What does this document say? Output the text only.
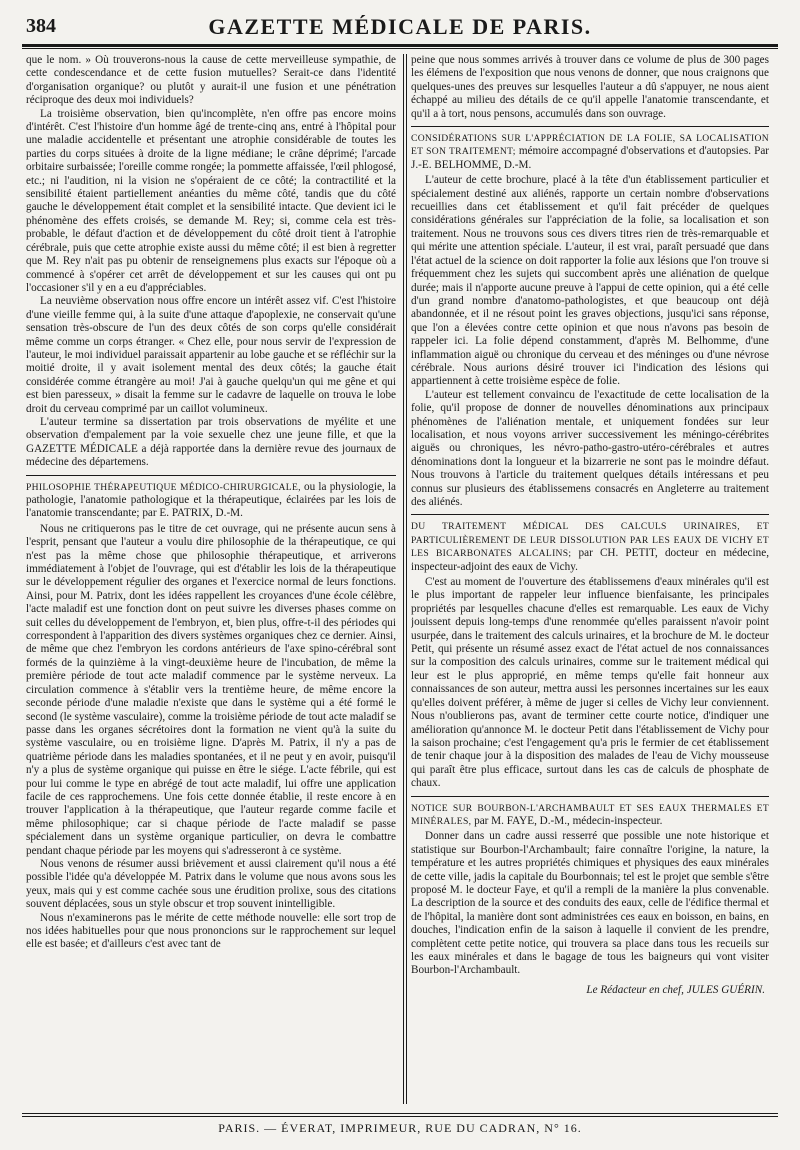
384	GAZETTE MÉDICALE DE PARIS.

que le nom. » Où trouverons-nous la cause de cette merveilleuse sympathie, de cette condescendance et de cette fusion mutuelles? Serait-ce dans l'identité d'organisation organique? ou plutôt y aurait-il une fusion et une pénétration réciproque des deux moi individuels?

La troisième observation, bien qu'incomplète, n'en offre pas encore moins d'intérêt. C'est l'histoire d'un homme âgé de trente-cinq ans, entré à l'hôpital pour une maladie accidentelle et présentant une atrophie considérable de toutes les parties du corps situées à droite de la ligne médiane; le crâne déprimé; l'arcade orbitaire surbaissée; l'oreille comme rongée; la pommette affaissée, l'œil phlogosé, etc.; ni l'audition, ni la vision ne s'opéraient de ce côté; la contractilité et la sensibilité étaient partiellement anéanties du même côté, tandis que du côté gauche le développement était complet et la sensibilité intacte. Que devient ici le phénomène des effets croisés, se demande M. Rey; si, comme cela est très-probable, le défaut d'action et de développement du côté droit tient à l'atrophie cérébrale, puis que cette atrophie existe aussi du même côté; il est bien à regretter que M. Rey n'ait pas pu obtenir de renseignemens plus exacts sur l'époque où a commencé à s'opérer cet arrêt de développement et sur les causes qui ont pu l'occasioner s'il y en a eu d'appréciables.

La neuvième observation nous offre encore un intérêt assez vif. C'est l'histoire d'une vieille femme qui, à la suite d'une attaque d'apoplexie, ne conservait qu'une sensation très-obscure de l'un des deux côtés de son corps qu'elle considérait même comme un corps étranger. « Chez elle, pour nous servir de l'expression de l'auteur, le moi individuel paraissait appartenir au lobe gauche et se réfléchir sur la moitié droite, il y avait isolement mental des deux côtés; la gauche était considérée comme étrangère au moi! J'ai à gauche quelqu'un qui me gêne et qui est bien paresseux, » disait la femme sur le cadavre de laquelle on trouva le lobe droit du cerveau comprimé par un caillot volumineux.

L'auteur termine sa dissertation par trois observations de myélite et une observation d'empalement par la voie sexuelle chez une jeune fille, et que la GAZETTE MÉDICALE a déjà rapportée dans la dernière revue des journaux de médecine des départemens.

PHILOSOPHIE THÉRAPEUTIQUE MÉDICO-CHIRURGICALE, ou la physiologie, la pathologie, l'anatomie pathologique et la thérapeutique, éclairées par les lois de l'anatomie transcendante; par E. PATRIX, D.-M.

Nous ne critiquerons pas le titre de cet ouvrage, qui ne présente aucun sens à l'esprit, pensant que l'auteur a voulu dire philosophie de la thérapeutique, ce qui n'est pas la même chose que philosophie thérapeutique, et arriverons immédiatement à l'objet de l'ouvrage, qui est d'établir les lois de la thérapeutique sur le développement régulier des organes et l'exercice normal de leurs fonctions. Ainsi, pour M. Patrix, dont les idées rappellent les croyances d'une école célèbre, l'acte maladif est une fonction dont on peut suivre les diverses phases comme on suit celles du développement de l'embryon, et, bien plus, offre-t-il des périodes qui correspondent à l'apparition des divers systèmes organiques chez ce dernier. Ainsi, de même que chez l'embryon les cordons antérieurs de l'axe spino-cérébral sont formés de la quinzième à la vingt-deuxième heure de l'incubation, de même la première période de tout acte maladif commence par le système nerveux. La circulation commence à s'établir vers la trentième heure, de même encore la seconde période d'une maladie n'existe que dans le système qui a été formé le second (le système vasculaire), comme la troisième période de tout acte maladif se passe dans les organes sécrétoires dont la formation ne vient qu'à la suite du système vasculaire, ou en troisième ligne. D'après M. Patrix, il n'y a pas de quatrième période dans les maladies spontanées, et il ne peut y en avoir, puisqu'il n'y a plus de système organique qui puisse en être le siége. L'acte fébrile, qui est pour lui comme le type en abrégé de tout acte maladif, lui offre une application facile de ces rapprochemens. Une fois cette donnée établie, il reste encore à en trouver l'application à la thérapeutique, que l'auteur regarde comme facile et même philosophique; car si chaque période de l'acte maladif se passe spécialement dans un système organique particulier, on devra le combattre pendant chaque période par les moyens qui s'adresseront à ce système.

Nous venons de résumer aussi brièvement et aussi clairement qu'il nous a été possible l'idée qu'a développée M. Patrix dans le volume que nous avons sous les yeux, mais qui y est comme cachée sous une érudition prolixe, sous des citations souvent déplacées, sous un style obscur et trop souvent inintelligible.

Nous n'examinerons pas le mérite de cette méthode nouvelle: elle sort trop de nos idées habituelles pour que nous prononcions sur le rapprochement sur lequel elle est basée; et d'ailleurs c'est avec tant de

peine que nous sommes arrivés à trouver dans ce volume de plus de 300 pages les élémens de l'exposition que nous venons de donner, que nous craignons que quelques-unes des preuves sur lesquelles l'auteur a dû s'appuyer, ne nous aient échappé au milieu des détails de ce qu'il appelle l'anatomie transcendante, et qu'il a à tort, nous pensons, accumulés dans son ouvrage.

CONSIDÉRATIONS SUR L'APPRÉCIATION DE LA FOLIE, SA LOCALISATION ET SON TRAITEMENT; mémoire accompagné d'observations et d'autopsies. Par J.-E. BELHOMME, D.-M.

L'auteur de cette brochure, placé à la tête d'un établissement particulier et spécialement destiné aux aliénés, rapporte un certain nombre d'observations recueillies dans cet établissement et qu'il fait précéder de quelques considérations générales sur l'appréciation de la folie, sa localisation et son traitement. Nous ne trouvons sous ces divers titres rien de très-remarquable et qui mérite une attention spéciale. L'auteur, il est vrai, paraît persuadé que dans l'état actuel de la science on doit rapporter la folie aux lésions que l'on trouve si fréquemment chez les sujets qui succombent après une aliénation de quelque durée; mais il n'apporte aucune preuve à l'appui de cette opinion, qui a été celle d'un grand nombre d'anatomo-pathologistes, et que beaucoup ont déjà abandonnée, et il ne résout point les graves objections, jusqu'ici sans réponse, que l'on a élevées contre cette opinion et que nous n'avons pas besoin de rappeler ici. La folie dépend constamment, d'après M. Belhomme, d'une inflammation aiguë ou chronique du cerveau et des méninges ou d'une névrose cérébrale. Nous aurions désiré trouver ici l'indication des lésions qui appartiennent à cette troisième espèce de folie.

L'auteur est tellement convaincu de l'exactitude de cette localisation de la folie, qu'il propose de donner de nouvelles dénominations aux principaux phénomènes de l'aliénation mentale, et uniquement fondées sur leur localisation, et nous voyons arriver successivement les méningo-cérébrites aiguës ou chroniques, les névro-patho-gastro-utéro-cérébrales et autres dénominations dont la longueur et la bizarrerie ne sont pas le moindre défaut. Nous trouvons à l'article du traitement quelques détails intéressans et peu connus sur plusieurs des établissemens consacrés en Angleterre au traitement des aliénés.

DU TRAITEMENT MÉDICAL DES CALCULS URINAIRES, ET PARTICULIÈREMENT DE LEUR DISSOLUTION PAR LES EAUX DE VICHY ET LES BICARBONATES ALCALINS; par CH. PETIT, docteur en médecine, inspecteur-adjoint des eaux de Vichy.

C'est au moment de l'ouverture des établissemens d'eaux minérales qu'il est le plus important de rappeler leur influence bienfaisante, les principales propriétés par lesquelles chacune d'elles est remarquable. Les eaux de Vichy jouissent depuis long-temps d'une renommée qu'elles paraissent n'avoir point usurpée, dans le traitement des calculs urinaires, et la brochure de M. le docteur Petit, qui présente un résumé assez exact de l'état actuel de nos connaissances sur la composition des calculs urinaires, comme sur le traitement médical qui leur est le plus approprié, en même temps qu'elle fait honneur aux connaissances de son auteur, mettra aussi les personnes incertaines sur les eaux qu'elles doivent préférer, à même de juger si celles de Vichy leur conviennent. Nous n'oublierons pas, avant de terminer cette courte notice, d'indiquer une amélioration qu'annonce M. le docteur Petit dans l'établissement de Vichy pour la saison prochaine; c'est l'engagement qu'a pris le fermier de cet établissement de tenir chaque jour à la disposition des malades de l'eau de Vichy mousseuse qui paraît être plus efficace, surtout dans les cas de calculs de phosphate de chaux.

NOTICE SUR BOURBON-L'ARCHAMBAULT ET SES EAUX THERMALES ET MINÉRALES, par M. FAYE, D.-M., médecin-inspecteur.

Donner dans un cadre aussi resserré que possible une note historique et statistique sur Bourbon-l'Archambault; faire connaître l'origine, la nature, la température et les autres propriétés chimiques et physiques des eaux minérales de cette ville, jadis la capitale du Bourbonnais; tel est le projet que semble s'être proposé M. le docteur Faye, et qu'il a rempli de la manière la plus convenable. La description de la source et des conduits des eaux, celle de l'édifice thermal et de l'hôpital, la manière dont sont administrées ces eaux en boisson, en bains, en douches, l'indication enfin de la saison à laquelle il convient de les prendre, complètent cette petite notice, qui trouvera sa place dans tous les recueils sur les eaux minérales et dans le bagage de tous les baigneurs qui vont visiter Bourbon-l'Archambault.

Le Rédacteur en chef, JULES GUÉRIN.

PARIS. — ÉVERAT, IMPRIMEUR, RUE DU CADRAN, N° 16.
